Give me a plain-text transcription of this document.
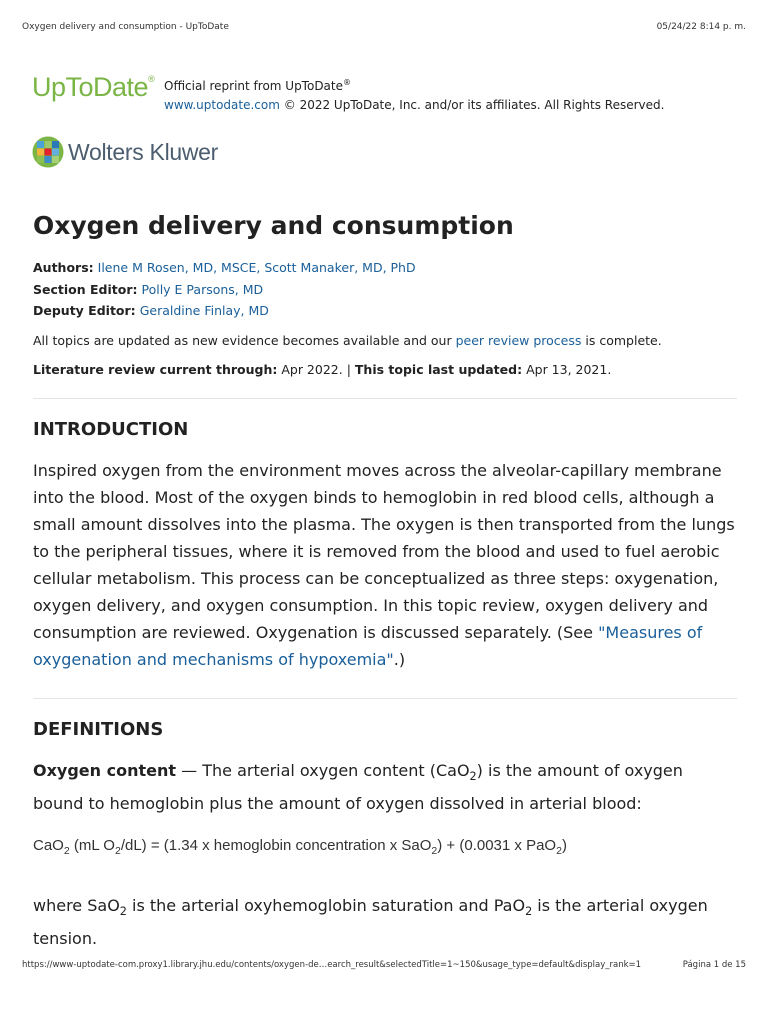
Oxygen delivery and consumption - UpToDate	05/24/22 8:14 p. m.
UpToDate® Official reprint from UpToDate®
www.uptodate.com © 2022 UpToDate, Inc. and/or its affiliates. All Rights Reserved.
Wolters Kluwer
Oxygen delivery and consumption
Authors: Ilene M Rosen, MD, MSCE, Scott Manaker, MD, PhD
Section Editor: Polly E Parsons, MD
Deputy Editor: Geraldine Finlay, MD
All topics are updated as new evidence becomes available and our peer review process is complete.
Literature review current through: Apr 2022. | This topic last updated: Apr 13, 2021.
INTRODUCTION

Inspired oxygen from the environment moves across the alveolar-capillary membrane into the blood. Most of the oxygen binds to hemoglobin in red blood cells, although a small amount dissolves into the plasma. The oxygen is then transported from the lungs to the peripheral tissues, where it is removed from the blood and used to fuel aerobic cellular metabolism. This process can be conceptualized as three steps: oxygenation, oxygen delivery, and oxygen consumption. In this topic review, oxygen delivery and consumption are reviewed. Oxygenation is discussed separately. (See "Measures of oxygenation and mechanisms of hypoxemia".)

DEFINITIONS

Oxygen content — The arterial oxygen content (CaO$_2$) is the amount of oxygen bound to hemoglobin plus the amount of oxygen dissolved in arterial blood:

CaO$_2$ (mL $O_2/dL) = (1.34$ x hemoglobin concentration x SaO$_2$) + (0.0031 x PaO$_2$)
where SaO$_2$ is the arterial oxyhemoglobin saturation and PaO$_2$ is the arterial oxygen tension.
https://www-uptodate-com.proxy1.library.jhu.edu/contents/oxygen-de…earch_result&selectedTitle=1~150&usage_type=default&display_rank=1	Página 1 de 15
